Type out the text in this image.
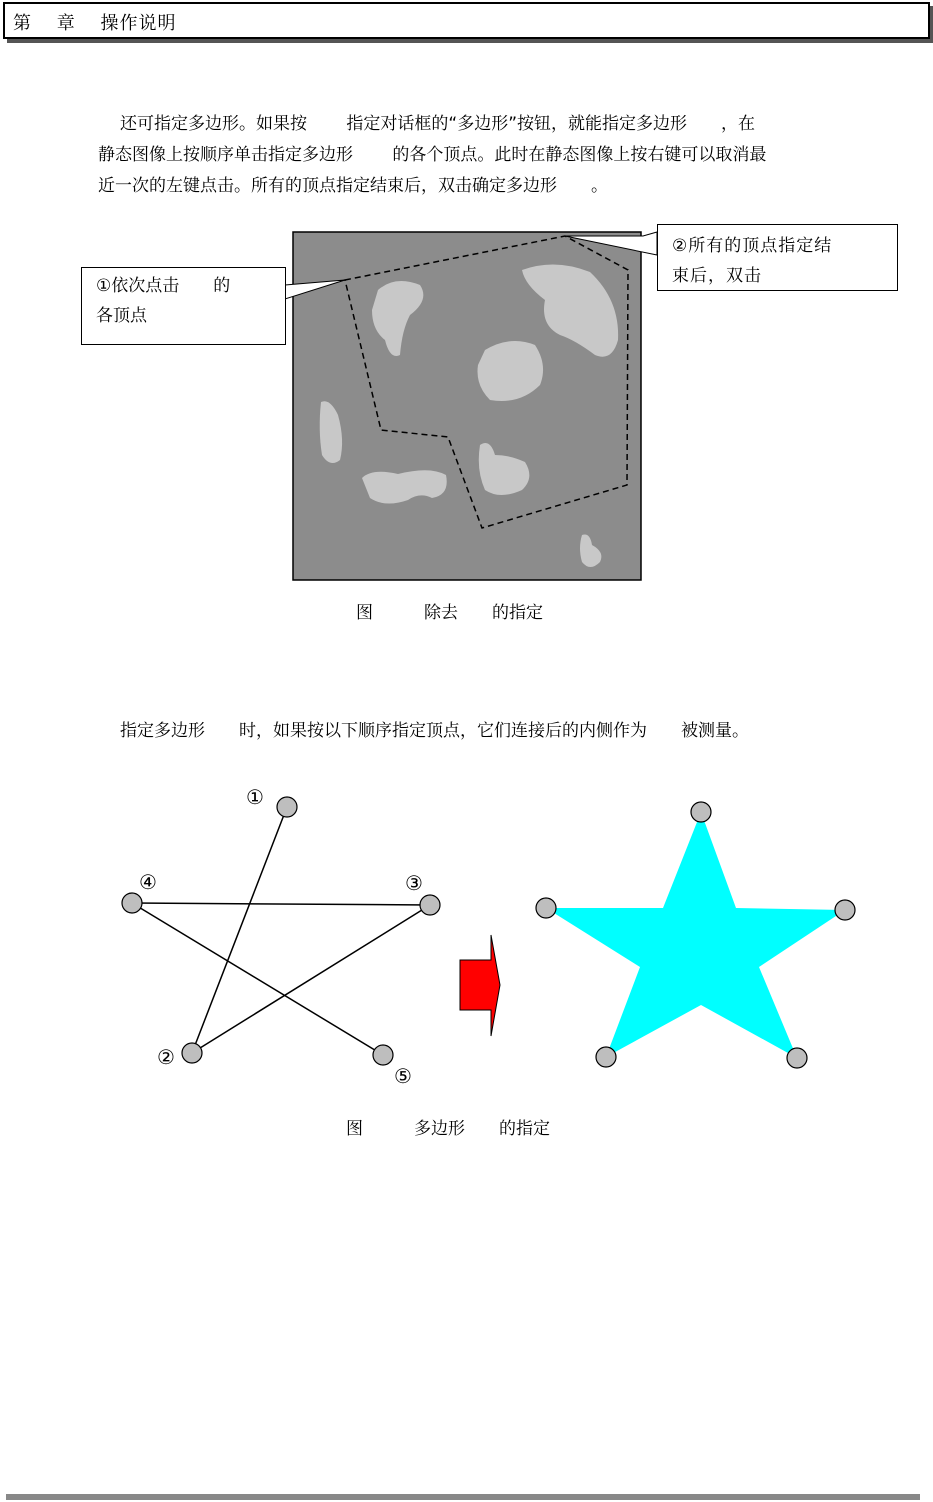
第 章 操作说明
还可指定多边形。如果按　　 指定对话框的“多边形”按钮，就能指定多边形　　，在
静态图像上按顺序单击指定多边形　　 的各个顶点。此时在静态图像上按右键可以取消最
近一次的左键点击。所有的顶点指定结束后，双击确定多边形　　。
①依次点击　　的
各顶点
②所有的顶点指定结
束后，双击
图　　　除去　　的指定
指定多边形　　时，如果按以下顺序指定顶点，它们连接后的内侧作为　　被测量。
①
②
③
④
⑤
图　　　多边形　　的指定
